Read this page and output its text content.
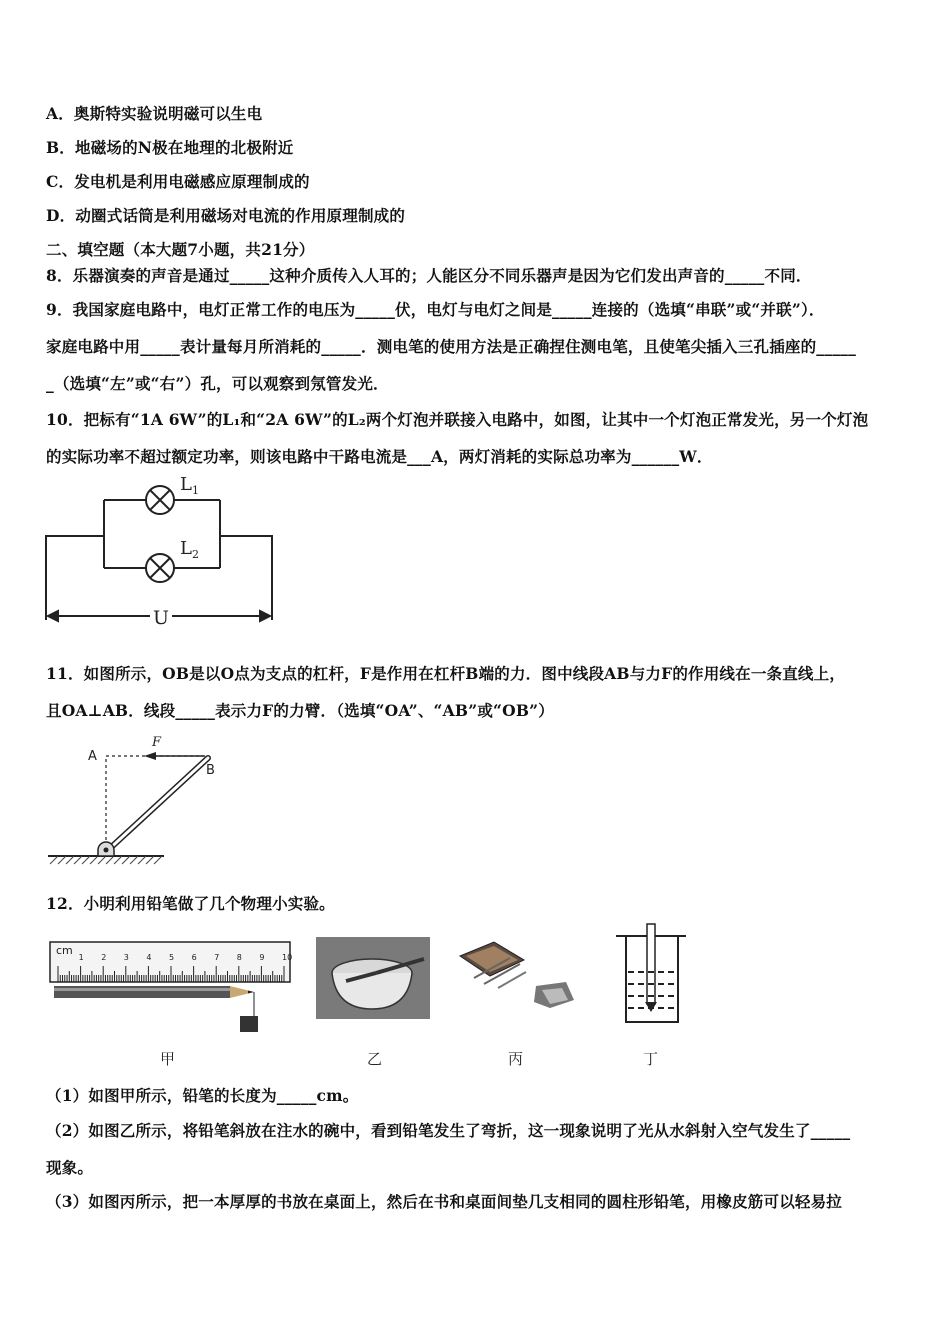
A．奥斯特实验说明磁可以生电
B．地磁场的N极在地理的北极附近
C．发电机是利用电磁感应原理制成的
D．动圈式话筒是利用磁场对电流的作用原理制成的
二、填空题（本大题7小题，共21分）
8．乐器演奏的声音是通过_____这种介质传入人耳的；人能区分不同乐器声是因为它们发出声音的_____不同．
9．我国家庭电路中，电灯正常工作的电压为_____伏，电灯与电灯之间是_____连接的（选填“串联”或“并联”）．
家庭电路中用_____表计量每月所消耗的_____．测电笔的使用方法是正确捏住测电笔，且使笔尖插入三孔插座的_____
_（选填“左”或“右”）孔，可以观察到氖管发光．
10．把标有“1A 6W”的L₁和“2A 6W”的L₂两个灯泡并联接入电路中，如图，让其中一个灯泡正常发光，另一个灯泡
的实际功率不超过额定功率，则该电路中干路电流是___A，两灯消耗的实际总功率为______W．
$L_1$
$L_2$
U
11．如图所示，OB是以O点为支点的杠杆，F是作用在杠杆B端的力．图中线段AB与力F的作用线在一条直线上，
且OA⊥AB．线段_____表示力F的力臂．（选填“OA”、“AB”或“OB”）
F
A
B
12．小明利用铅笔做了几个物理小实验。
cm
1 2 3 4 5 6 7 8 9 10
甲	乙	丙	丁
（1）如图甲所示，铅笔的长度为_____cm。
（2）如图乙所示，将铅笔斜放在注水的碗中，看到铅笔发生了弯折，这一现象说明了光从水斜射入空气发生了_____
现象。
（3）如图丙所示，把一本厚厚的书放在桌面上，然后在书和桌面间垫几支相同的圆柱形铅笔，用橡皮筋可以轻易拉
